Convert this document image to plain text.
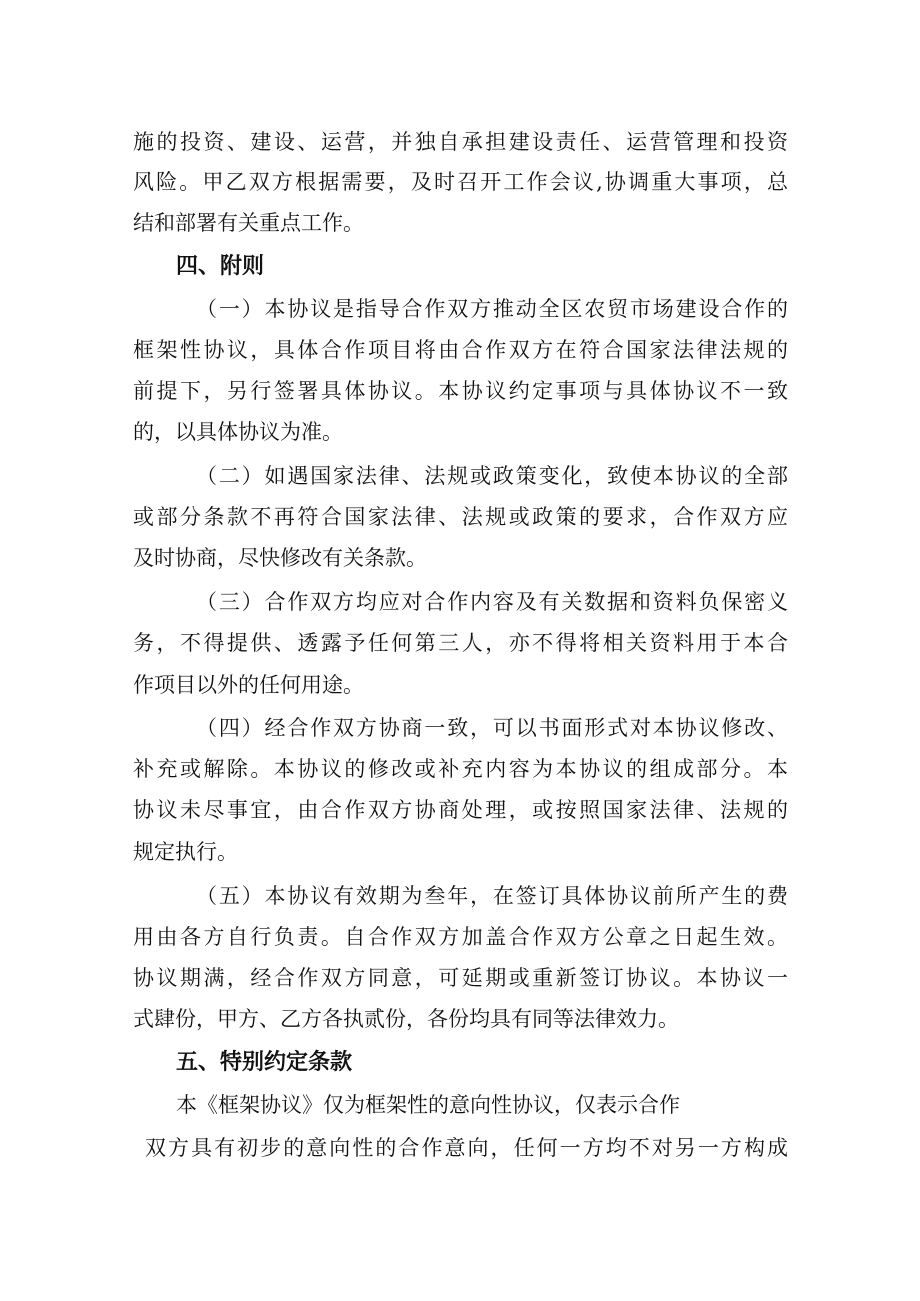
施的投资、建设、运营，并独自承担建设责任、运营管理和投资
风险。甲乙双方根据需要，及时召开工作会议,协调重大事项，总
结和部署有关重点工作。
四、附则
（一）本协议是指导合作双方推动全区农贸市场建设合作的
框架性协议，具体合作项目将由合作双方在符合国家法律法规的
前提下，另行签署具体协议。本协议约定事项与具体协议不一致
的，以具体协议为准。
（二）如遇国家法律、法规或政策变化，致使本协议的全部
或部分条款不再符合国家法律、法规或政策的要求，合作双方应
及时协商，尽快修改有关条款。
（三）合作双方均应对合作内容及有关数据和资料负保密义
务，不得提供、透露予任何第三人，亦不得将相关资料用于本合
作项目以外的任何用途。
（四）经合作双方协商一致，可以书面形式对本协议修改、
补充或解除。本协议的修改或补充内容为本协议的组成部分。本
协议未尽事宜，由合作双方协商处理，或按照国家法律、法规的
规定执行。
（五）本协议有效期为叁年，在签订具体协议前所产生的费
用由各方自行负责。自合作双方加盖合作双方公章之日起生效。
协议期满，经合作双方同意，可延期或重新签订协议。本协议一
式肆份，甲方、乙方各执贰份，各份均具有同等法律效力。
五、特别约定条款
本《框架协议》仅为框架性的意向性协议，仅表示合作
双方具有初步的意向性的合作意向，任何一方均不对另一方构成
